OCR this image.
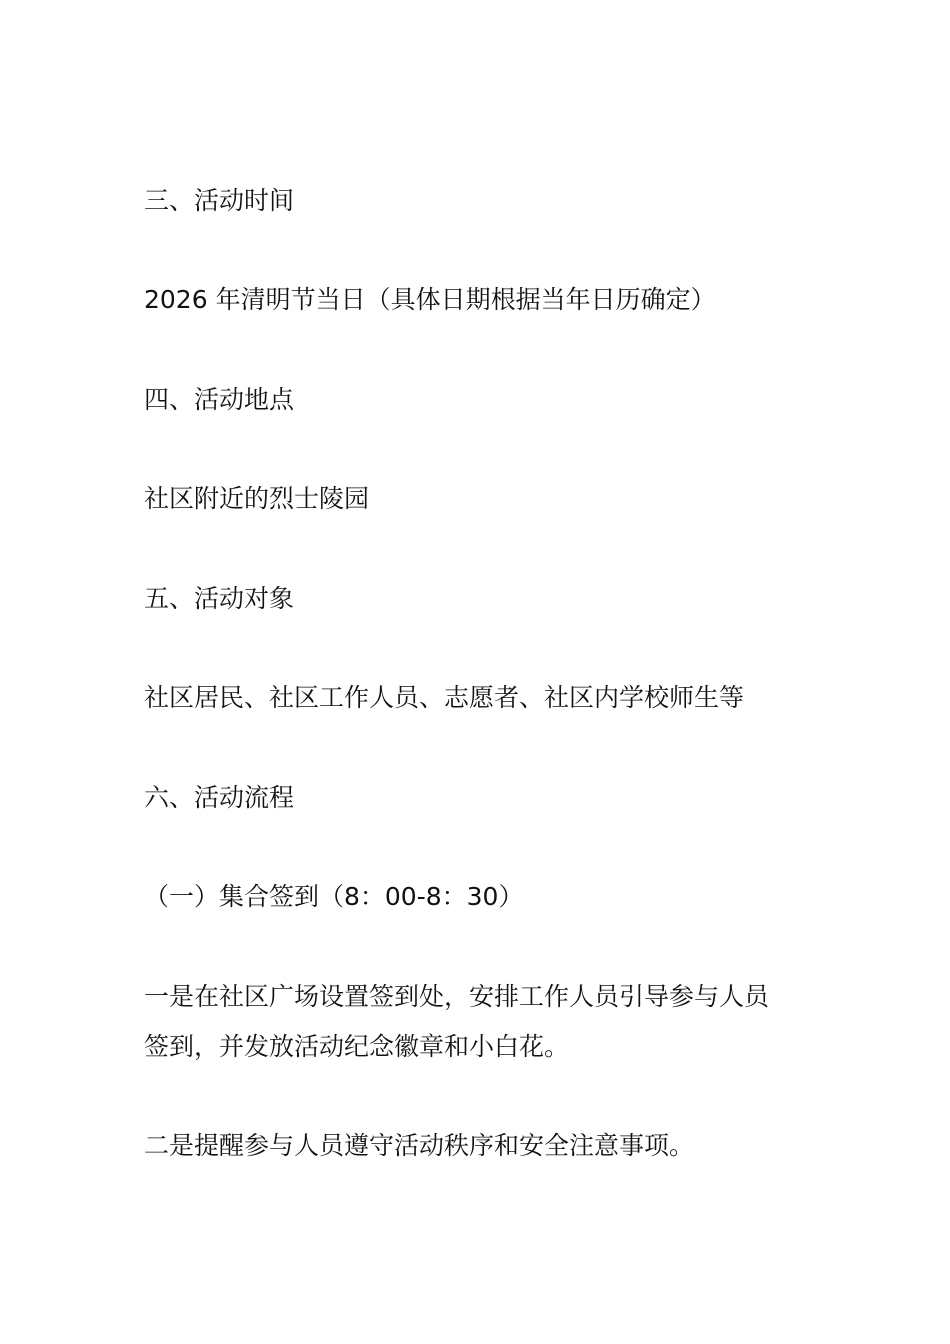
三、活动时间
2026 年清明节当日（具体日期根据当年日历确定）
四、活动地点
社区附近的烈士陵园
五、活动对象
社区居民、社区工作人员、志愿者、社区内学校师生等
六、活动流程
（一）集合签到（8：00-8：30）
一是在社区广场设置签到处，安排工作人员引导参与人员
签到，并发放活动纪念徽章和小白花。
二是提醒参与人员遵守活动秩序和安全注意事项。
